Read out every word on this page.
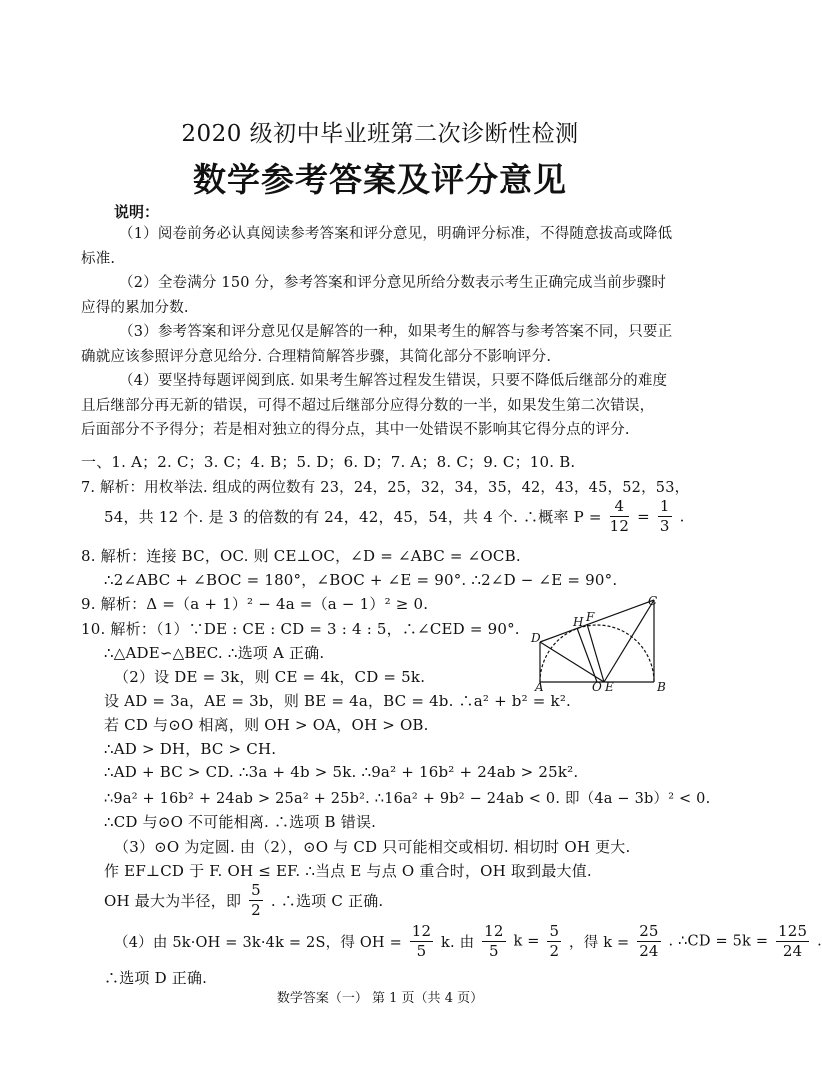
2020 级初中毕业班第二次诊断性检测
数学参考答案及评分意见
说明：
（1）阅卷前务必认真阅读参考答案和评分意见，明确评分标准，不得随意拔高或降低
标准.
（2）全卷满分 150 分，参考答案和评分意见所给分数表示考生正确完成当前步骤时
应得的累加分数.
（3）参考答案和评分意见仅是解答的一种，如果考生的解答与参考答案不同，只要正
确就应该参照评分意见给分. 合理精简解答步骤，其简化部分不影响评分.
（4）要坚持每题评阅到底. 如果考生解答过程发生错误，只要不降低后继部分的难度
且后继部分再无新的错误，可得不超过后继部分应得分数的一半，如果发生第二次错误，
后面部分不予得分；若是相对独立的得分点，其中一处错误不影响其它得分点的评分.
一、1. A；2. C；3. C；4. B；5. D；6. D；7. A；8. C；9. C；10. B.
7. 解析：用枚举法. 组成的两位数有 23，24，25，32，34，35，42，43，45，52，53，
54，共 12 个. 是 3 的倍数的有 24，42，45，54，共 4 个. ∴概率 $P = \frac{4}{12} = \frac{1}{3}$ .
8. 解析：连接 BC，OC. 则 CE⊥OC，∠D = ∠ABC = ∠OCB.
∴2∠ABC + ∠BOC = 180°，∠BOC + ∠E = 90°. ∴2∠D − ∠E = 90°.
9. 解析：Δ =（a + 1）² − 4a =（a − 1）² ≥ 0.
10. 解析：（1）∵DE : CE : CD = 3 : 4 : 5，∴∠CED = 90°.
∴△ADE∽△BEC. ∴选项 A 正确.
（2）设 DE = 3k，则 CE = 4k，CD = 5k.
设 AD = 3a，AE = 3b，则 BE = 4a，BC = 4b. ∴a² + b² = k².
若 CD 与⊙O 相离，则 OH > OA，OH > OB.
∴AD > DH，BC > CH.
∴AD + BC > CD. ∴3a + 4b > 5k. ∴9a² + 16b² + 24ab > 25k².
∴9a² + 16b² + 24ab > 25a² + 25b². ∴16a² + 9b² − 24ab < 0. 即（4a − 3b）² < 0.
∴CD 与⊙O 不可能相离. ∴选项 B 错误.
（3）⊙O 为定圆. 由（2），⊙O 与 CD 只可能相交或相切. 相切时 OH 更大.
作 EF⊥CD 于 F. OH ≤ EF. ∴当点 E 与点 O 重合时，OH 取到最大值.
OH 最大为半径，即 $\frac{5}{2}$ . ∴选项 C 正确.
（4）由 5k·OH = 3k·4k = 2S，得 OH = $\frac{12}{5} k$. 由 $\frac{12}{5}$ $k = \frac{5}{2}$ ，得 $k = \frac{25}{24}$ . ∴CD = $5k = \frac{125}{24}$ .
∴选项 D 正确.
A	B
C
D
E
F
H
O
数学答案（一） 第 1 页（共 4 页）
